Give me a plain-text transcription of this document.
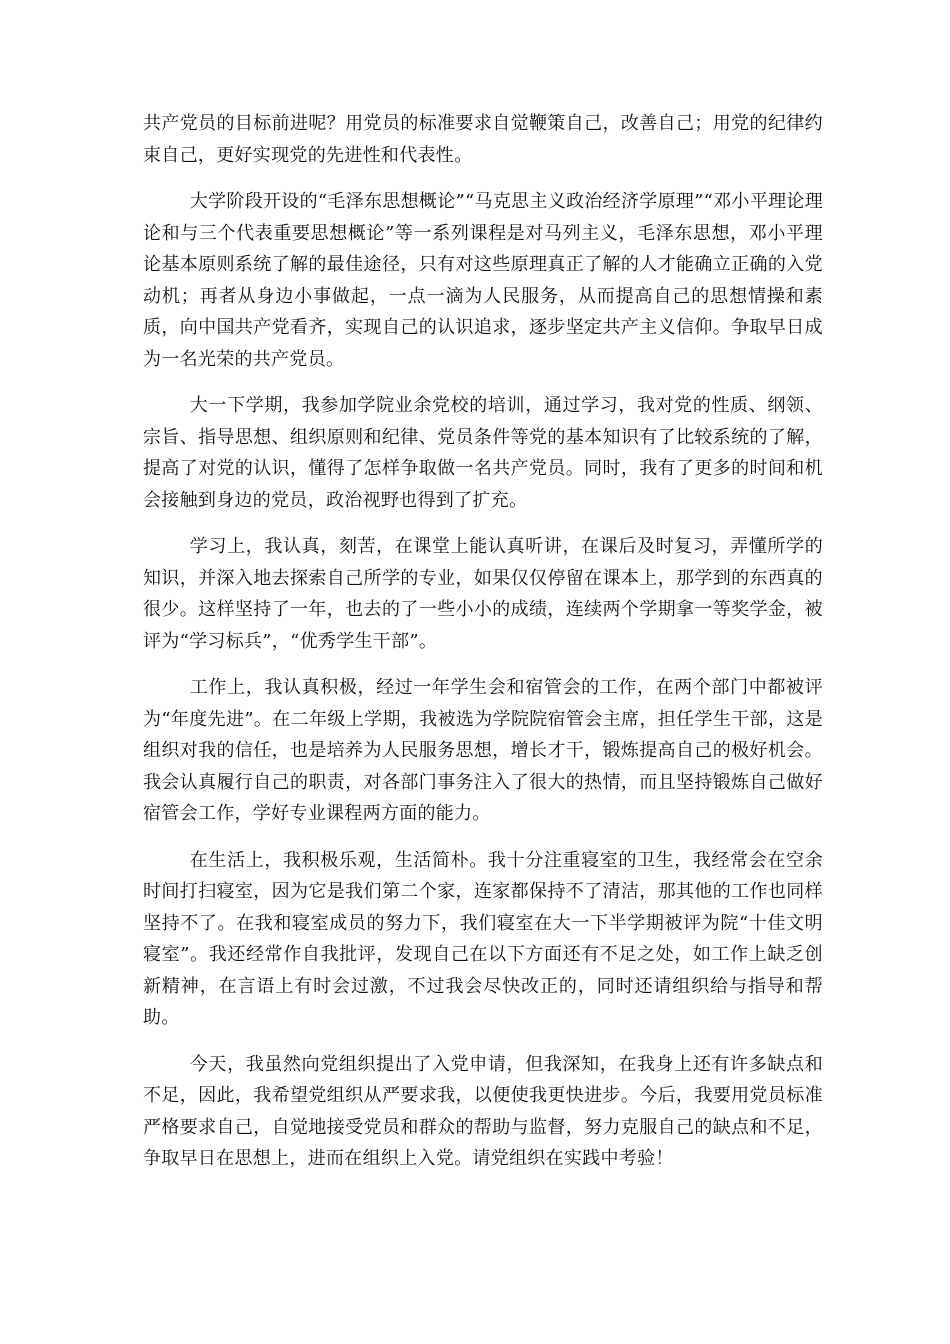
共产党员的目标前进呢？用党员的标准要求自觉鞭策自己，改善自己；用党的纪律约束自己，更好实现党的先进性和代表性。

大学阶段开设的“毛泽东思想概论”“马克思主义政治经济学原理”“邓小平理论理论和与三个代表重要思想概论”等一系列课程是对马列主义，毛泽东思想，邓小平理论基本原则系统了解的最佳途径，只有对这些原理真正了解的人才能确立正确的入党动机；再者从身边小事做起，一点一滴为人民服务，从而提高自己的思想情操和素质，向中国共产党看齐，实现自己的认识追求，逐步坚定共产主义信仰。争取早日成为一名光荣的共产党员。

大一下学期，我参加学院业余党校的培训，通过学习，我对党的性质、纲领、宗旨、指导思想、组织原则和纪律、党员条件等党的基本知识有了比较系统的了解，提高了对党的认识，懂得了怎样争取做一名共产党员。同时，我有了更多的时间和机会接触到身边的党员，政治视野也得到了扩充。

学习上，我认真，刻苦，在课堂上能认真听讲，在课后及时复习，弄懂所学的知识，并深入地去探索自己所学的专业，如果仅仅停留在课本上，那学到的东西真的很少。这样坚持了一年，也去的了一些小小的成绩，连续两个学期拿一等奖学金，被评为“学习标兵”，“优秀学生干部”。

工作上，我认真积极，经过一年学生会和宿管会的工作，在两个部门中都被评为“年度先进”。在二年级上学期，我被选为学院院宿管会主席，担任学生干部，这是组织对我的信任，也是培养为人民服务思想，增长才干，锻炼提高自己的极好机会。我会认真履行自己的职责，对各部门事务注入了很大的热情，而且坚持锻炼自己做好宿管会工作，学好专业课程两方面的能力。

在生活上，我积极乐观，生活简朴。我十分注重寝室的卫生，我经常会在空余时间打扫寝室，因为它是我们第二个家，连家都保持不了清洁，那其他的工作也同样坚持不了。在我和寝室成员的努力下，我们寝室在大一下半学期被评为院“十佳文明寝室”。我还经常作自我批评，发现自己在以下方面还有不足之处，如工作上缺乏创新精神，在言语上有时会过激，不过我会尽快改正的，同时还请组织给与指导和帮助。

今天，我虽然向党组织提出了入党申请，但我深知，在我身上还有许多缺点和不足，因此，我希望党组织从严要求我，以便使我更快进步。今后，我要用党员标准严格要求自己，自觉地接受党员和群众的帮助与监督，努力克服自己的缺点和不足，争取早日在思想上，进而在组织上入党。请党组织在实践中考验！
